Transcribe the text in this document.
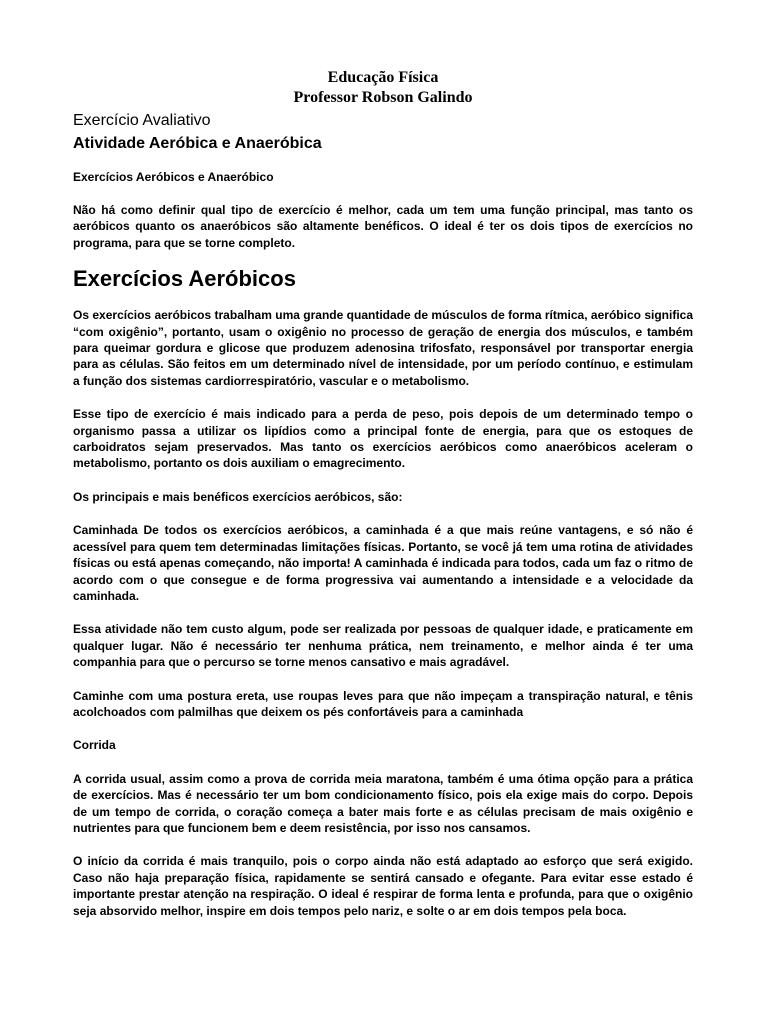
Educação Física
Professor Robson Galindo
Exercício Avaliativo
Atividade Aeróbica e Anaeróbica
Exercícios Aeróbicos e Anaeróbico

Não há como definir qual tipo de exercício é melhor, cada um tem uma função principal, mas tanto os aeróbicos quanto os anaeróbicos são altamente benéficos. O ideal é ter os dois tipos de exercícios no programa, para que se torne completo.

Exercícios Aeróbicos

Os exercícios aeróbicos trabalham uma grande quantidade de músculos de forma rítmica, aeróbico significa “com oxigênio”, portanto, usam o oxigênio no processo de geração de energia dos músculos, e também para queimar gordura e glicose que produzem adenosina trifosfato, responsável por transportar energia para as células. São feitos em um determinado nível de intensidade, por um período contínuo, e estimulam a função dos sistemas cardiorrespiratório, vascular e o metabolismo.

Esse tipo de exercício é mais indicado para a perda de peso, pois depois de um determinado tempo o organismo passa a utilizar os lipídios como a principal fonte de energia, para que os estoques de carboidratos sejam preservados. Mas tanto os exercícios aeróbicos como anaeróbicos aceleram o metabolismo, portanto os dois auxiliam o emagrecimento.

Os principais e mais benéficos exercícios aeróbicos, são:

Caminhada De todos os exercícios aeróbicos, a caminhada é a que mais reúne vantagens, e só não é acessível para quem tem determinadas limitações físicas. Portanto, se você já tem uma rotina de atividades físicas ou está apenas começando, não importa! A caminhada é indicada para todos, cada um faz o ritmo de acordo com o que consegue e de forma progressiva vai aumentando a intensidade e a velocidade da caminhada.

Essa atividade não tem custo algum, pode ser realizada por pessoas de qualquer idade, e praticamente em qualquer lugar. Não é necessário ter nenhuma prática, nem treinamento, e melhor ainda é ter uma companhia para que o percurso se torne menos cansativo e mais agradável.

Caminhe com uma postura ereta, use roupas leves para que não impeçam a transpiração natural, e tênis acolchoados com palmilhas que deixem os pés confortáveis para a caminhada

Corrida

A corrida usual, assim como a prova de corrida meia maratona, também é uma ótima opção para a prática de exercícios. Mas é necessário ter um bom condicionamento físico, pois ela exige mais do corpo. Depois de um tempo de corrida, o coração começa a bater mais forte e as células precisam de mais oxigênio e nutrientes para que funcionem bem e deem resistência, por isso nos cansamos.

O início da corrida é mais tranquilo, pois o corpo ainda não está adaptado ao esforço que será exigido. Caso não haja preparação física, rapidamente se sentirá cansado e ofegante. Para evitar esse estado é importante prestar atenção na respiração. O ideal é respirar de forma lenta e profunda, para que o oxigênio seja absorvido melhor, inspire em dois tempos pelo nariz, e solte o ar em dois tempos pela boca.
